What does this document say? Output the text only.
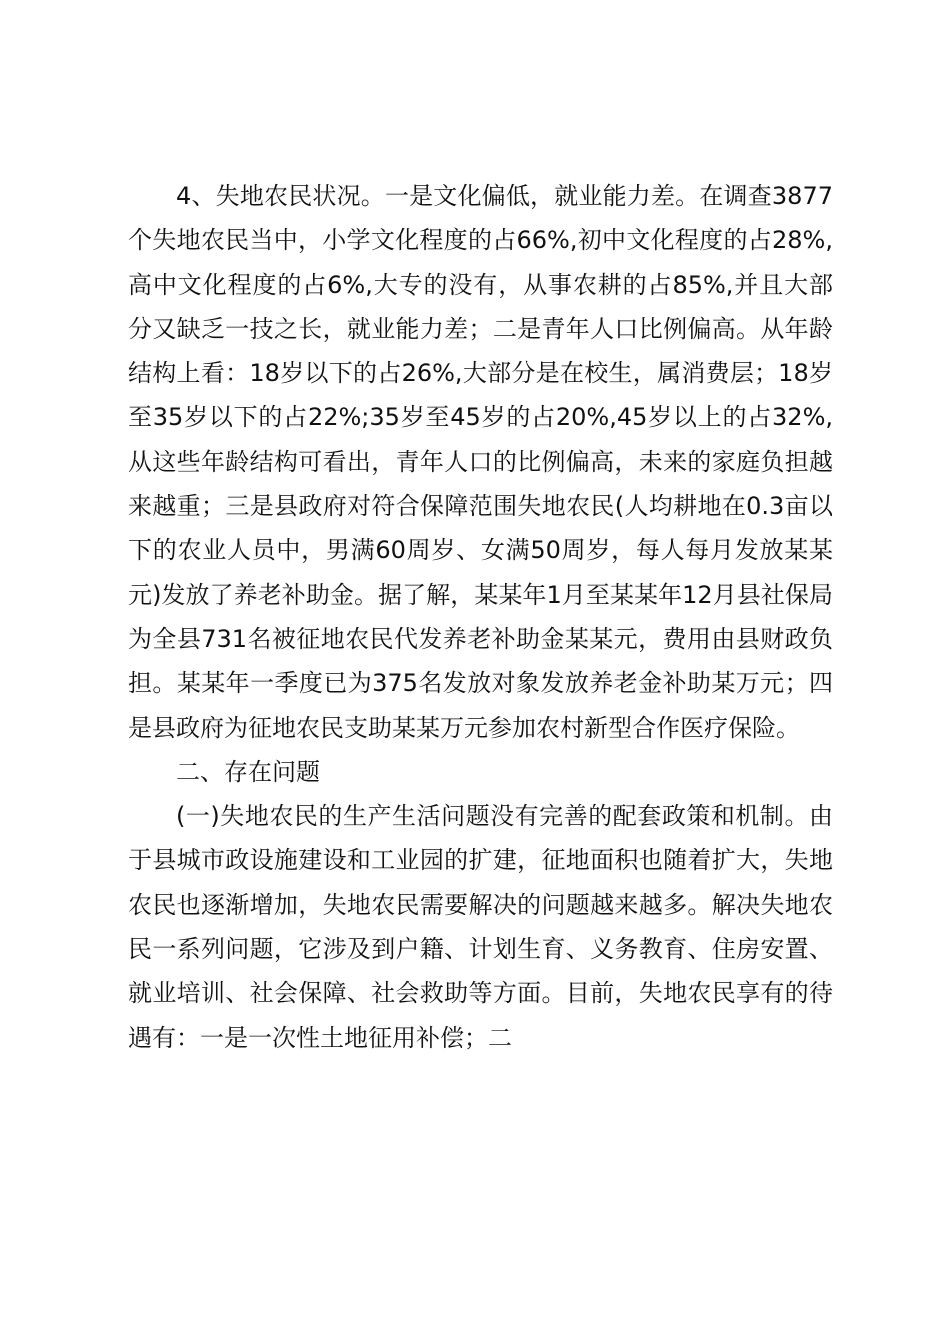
4、失地农民状况。一是文化偏低，就业能力差。在调查3877个失地农民当中，小学文化程度的占66%,初中文化程度的占28%,高中文化程度的占6%,大专的没有，从事农耕的占85%,并且大部分又缺乏一技之长，就业能力差；二是青年人口比例偏高。从年龄结构上看：18岁以下的占26%,大部分是在校生，属消费层；18岁至35岁以下的占22%;35岁至45岁的占20%,45岁以上的占32%,从这些年龄结构可看出，青年人口的比例偏高，未来的家庭负担越来越重；三是县政府对符合保障范围失地农民(人均耕地在0.3亩以下的农业人员中，男满60周岁、女满50周岁，每人每月发放某某元)发放了养老补助金。据了解，某某年1月至某某年12月县社保局为全县731名被征地农民代发养老补助金某某元，费用由县财政负担。某某年一季度已为375名发放对象发放养老金补助某万元；四是县政府为征地农民支助某某万元参加农村新型合作医疗保险。

二、存在问题

(一)失地农民的生产生活问题没有完善的配套政策和机制。由于县城市政设施建设和工业园的扩建，征地面积也随着扩大，失地农民也逐渐增加，失地农民需要解决的问题越来越多。解决失地农民一系列问题，它涉及到户籍、计划生育、义务教育、住房安置、就业培训、社会保障、社会救助等方面。目前，失地农民享有的待遇有：一是一次性土地征用补偿；二
